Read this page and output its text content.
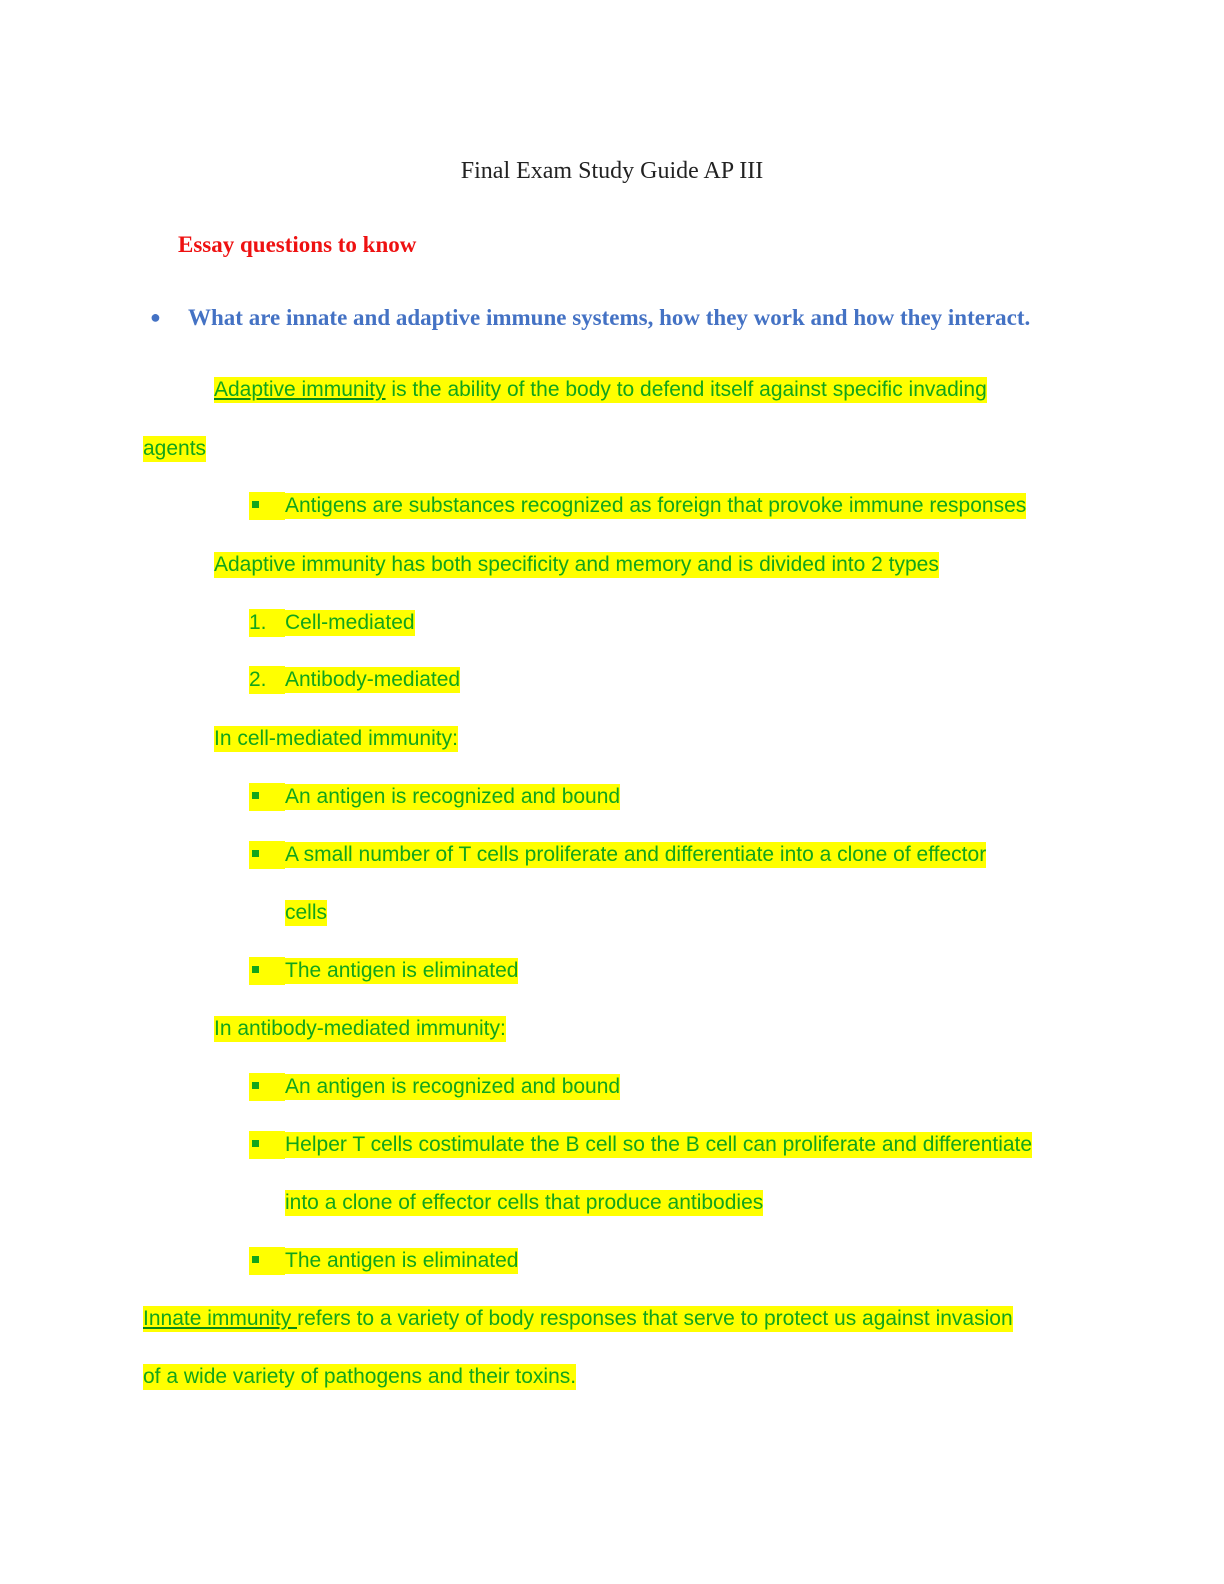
Final Exam Study Guide AP III
Essay questions to know
● What are innate and adaptive immune systems, how they work and how they interact.
Adaptive immunity is the ability of the body to defend itself against specific invading
agents
Antigens are substances recognized as foreign that provoke immune responses
Adaptive immunity has both specificity and memory and is divided into 2 types
1. Cell-mediated
2. Antibody-mediated
In cell-mediated immunity:
An antigen is recognized and bound
A small number of T cells proliferate and differentiate into a clone of effector
cells
The antigen is eliminated
In antibody-mediated immunity:
An antigen is recognized and bound
Helper T cells costimulate the B cell so the B cell can proliferate and differentiate
into a clone of effector cells that produce antibodies
The antigen is eliminated
Innate immunity refers to a variety of body responses that serve to protect us against invasion
of a wide variety of pathogens and their toxins.
